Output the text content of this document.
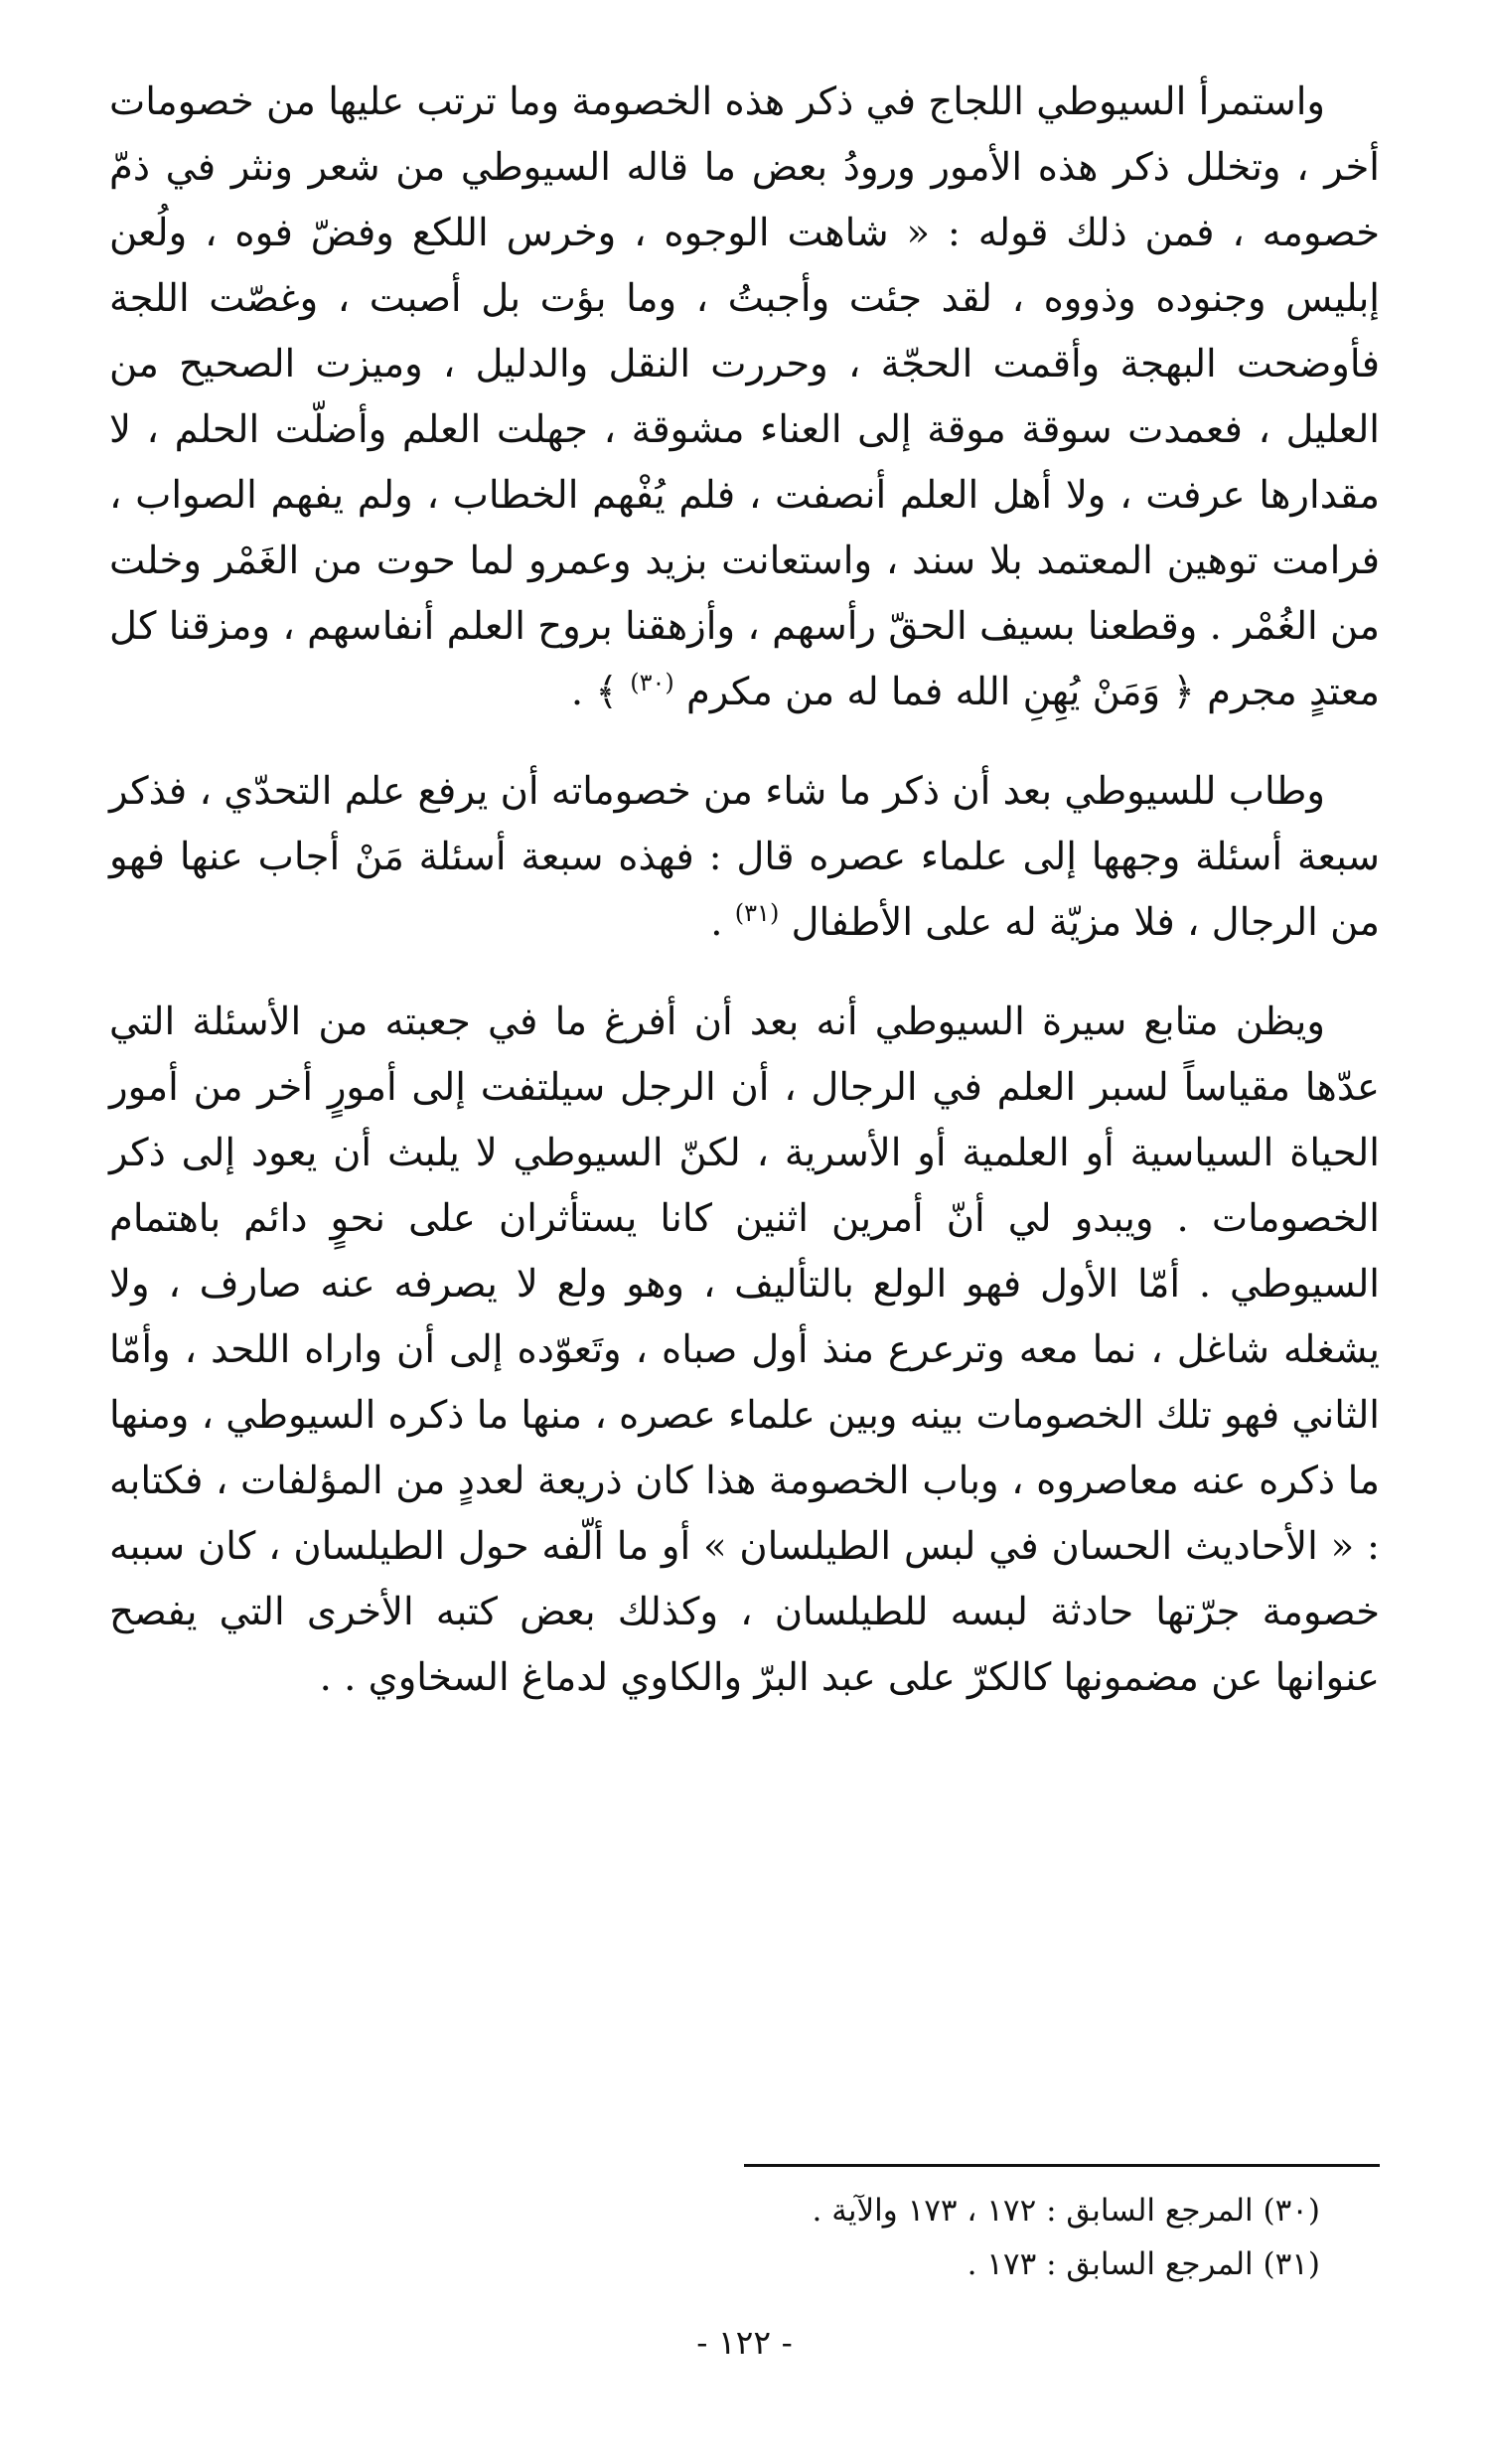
واستمرأ السيوطي اللجاج في ذكر هذه الخصومة وما ترتب عليها من خصومات أخر ، وتخلل ذكر هذه الأمور ورودُ بعض ما قاله السيوطي من شعر ونثر في ذمّ خصومه ، فمن ذلك قوله : « شاهت الوجوه ، وخرس اللكع وفضّ فوه ، ولُعن إبليس وجنوده وذووه ، لقد جئت وأجبتُ ، وما بؤت بل أصبت ، وغصّت اللجة فأوضحت البهجة وأقمت الحجّة ، وحررت النقل والدليل ، وميزت الصحيح من العليل ، فعمدت سوقة موقة إلى العناء مشوقة ، جهلت العلم وأضلّت الحلم ، لا مقدارها عرفت ، ولا أهل العلم أنصفت ، فلم يُفْهم الخطاب ، ولم يفهم الصواب ، فرامت توهين المعتمد بلا سند ، واستعانت بزيد وعمرو لما حوت من الغَمْر وخلت من الغُمْر . وقطعنا بسيف الحقّ رأسهم ، وأزهقنا بروح العلم أنفاسهم ، ومزقنا كل معتدٍ مجرم ﴿ وَمَنْ يُهِنِ الله فما له من مكرم $^{(٣٠)}$ ﴾ .

وطاب للسيوطي بعد أن ذكر ما شاء من خصوماته أن يرفع علم التحدّي ، فذكر سبعة أسئلة وجهها إلى علماء عصره قال : فهذه سبعة أسئلة مَنْ أجاب عنها فهو من الرجال ، فلا مزيّة له على الأطفال $^{(٣١)}$ .

ويظن متابع سيرة السيوطي أنه بعد أن أفرغ ما في جعبته من الأسئلة التي عدّها مقياساً لسبر العلم في الرجال ، أن الرجل سيلتفت إلى أمورٍ أخر من أمور الحياة السياسية أو العلمية أو الأسرية ، لكنّ السيوطي لا يلبث أن يعود إلى ذكر الخصومات . ويبدو لي أنّ أمرين اثنين كانا يستأثران على نحوٍ دائم باهتمام السيوطي . أمّا الأول فهو الولع بالتأليف ، وهو ولع لا يصرفه عنه صارف ، ولا يشغله شاغل ، نما معه وترعرع منذ أول صباه ، وتَعوّده إلى أن واراه اللحد ، وأمّا الثاني فهو تلك الخصومات بينه وبين علماء عصره ، منها ما ذكره السيوطي ، ومنها ما ذكره عنه معاصروه ، وباب الخصومة هذا كان ذريعة لعددٍ من المؤلفات ، فكتابه : « الأحاديث الحسان في لبس الطيلسان » أو ما ألّفه حول الطيلسان ، كان سببه خصومة جرّتها حادثة لبسه للطيلسان ، وكذلك بعض كتبه الأخرى التي يفصح عنوانها عن مضمونها كالكرّ على عبد البرّ والكاوي لدماغ السخاوي . .

(٣٠) المرجع السابق : ١٧٢ ، ١٧٣ والآية .
(٣١) المرجع السابق : ١٧٣ .
- ١٢٢ -
